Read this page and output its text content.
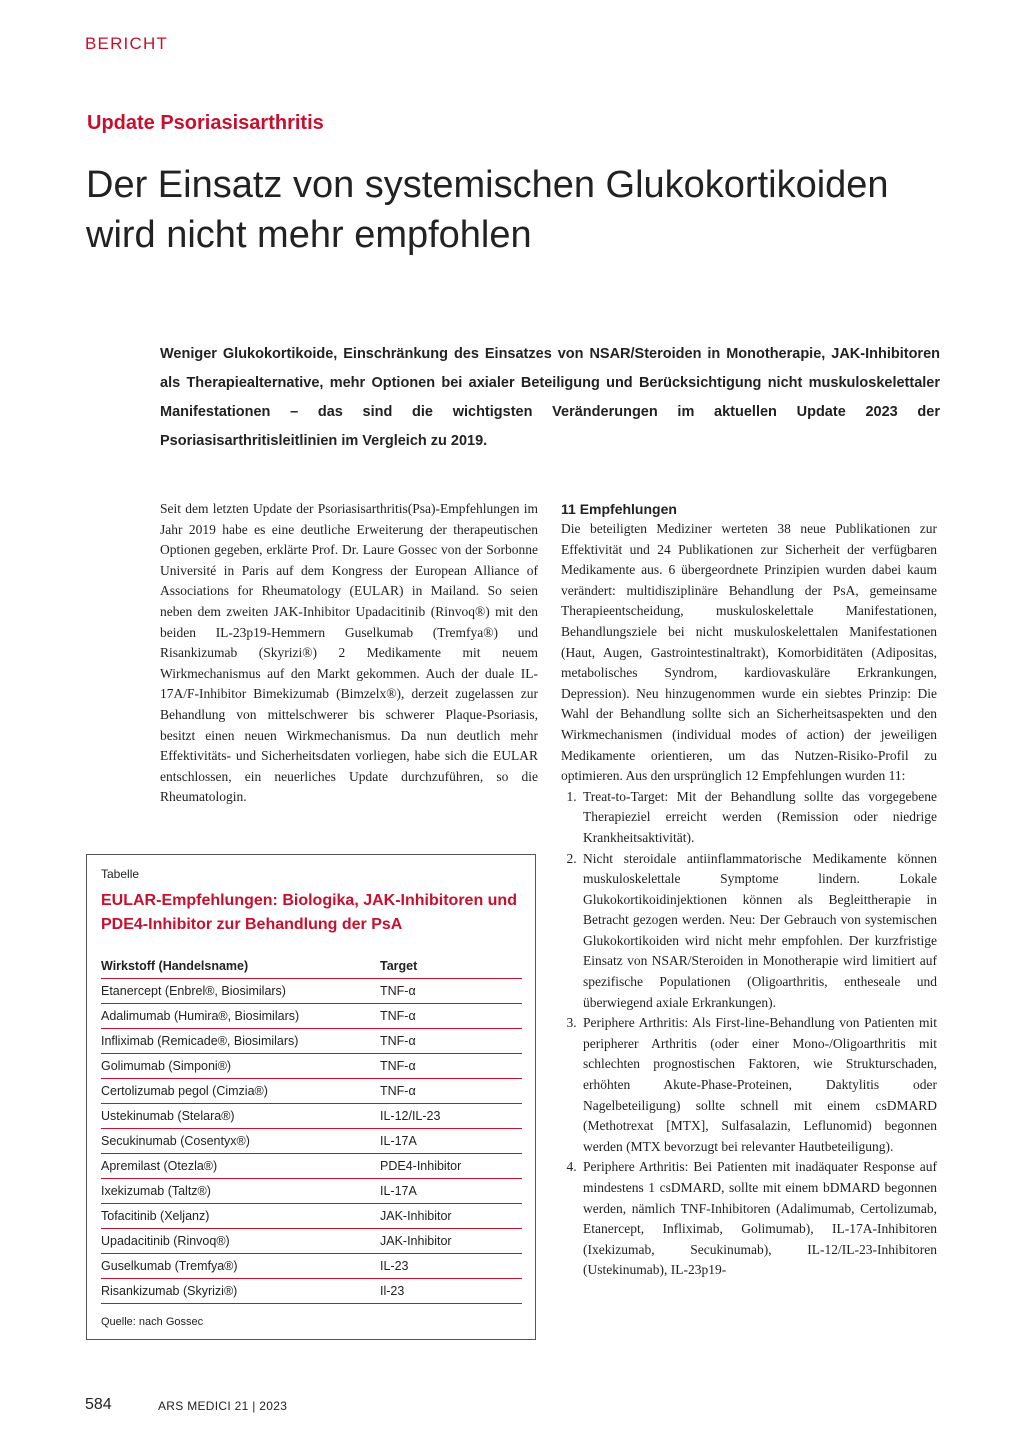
BERICHT
Update Psoriasisarthritis
Der Einsatz von systemischen Glukokortikoiden wird nicht mehr empfohlen

Weniger Glukokortikoide, Einschränkung des Einsatzes von NSAR/Steroiden in Monotherapie, JAK-Inhibitoren als Therapiealternative, mehr Optionen bei axialer Beteiligung und Berücksichtigung nicht muskuloskelettaler Manifestationen – das sind die wichtigsten Veränderungen im aktuellen Update 2023 der Psoriasisarthritisleitlinien im Vergleich zu 2019.

Seit dem letzten Update der Psoriasisarthritis(Psa)-Empfehlungen im Jahr 2019 habe es eine deutliche Erweiterung der therapeutischen Optionen gegeben, erklärte Prof. Dr. Laure Gossec von der Sorbonne Université in Paris auf dem Kongress der European Alliance of Associations for Rheumatology (EULAR) in Mailand. So seien neben dem zweiten JAK-Inhibitor Upadacitinib (Rinvoq®) mit den beiden IL-23p19-Hemmern Guselkumab (Tremfya®) und Risankizumab (Skyrizi®) 2 Medikamente mit neuem Wirkmechanismus auf den Markt gekommen. Auch der duale IL-17A/F-Inhibitor Bimekizumab (Bimzelx®), derzeit zugelassen zur Behandlung von mittelschwerer bis schwerer Plaque-Psoriasis, besitzt einen neuen Wirkmechanismus. Da nun deutlich mehr Effektivitäts- und Sicherheitsdaten vorliegen, habe sich die EULAR entschlossen, ein neuerliches Update durchzuführen, so die Rheumatologin.

11 Empfehlungen

Die beteiligten Mediziner werteten 38 neue Publikationen zur Effektivität und 24 Publikationen zur Sicherheit der verfügbaren Medikamente aus. 6 übergeordnete Prinzipien wurden dabei kaum verändert: multidisziplinäre Behandlung der PsA, gemeinsame Therapieentscheidung, muskuloskelettale Manifestationen, Behandlungsziele bei nicht muskuloskelettalen Manifestationen (Haut, Augen, Gastrointestinaltrakt), Komorbiditäten (Adipositas, metabolisches Syndrom, kardiovaskuläre Erkrankungen, Depression). Neu hinzugenommen wurde ein siebtes Prinzip: Die Wahl der Behandlung sollte sich an Sicherheitsaspekten und den Wirkmechanismen (individual modes of action) der jeweiligen Medikamente orientieren, um das Nutzen-Risiko-Profil zu optimieren. Aus den ursprünglich 12 Empfehlungen wurden 11:

1. Treat-to-Target: Mit der Behandlung sollte das vorgegebene Therapieziel erreicht werden (Remission oder niedrige Krankheitsaktivität).
2. Nicht steroidale antiinflammatorische Medikamente können muskuloskelettale Symptome lindern. Lokale Glukokortikoidinjektionen können als Begleittherapie in Betracht gezogen werden. Neu: Der Gebrauch von systemischen Glukokortikoiden wird nicht mehr empfohlen. Der kurzfristige Einsatz von NSAR/Steroiden in Monotherapie wird limitiert auf spezifische Populationen (Oligoarthritis, entheseale und überwiegend axiale Erkrankungen).
3. Periphere Arthritis: Als First-line-Behandlung von Patienten mit peripherer Arthritis (oder einer Mono-/Oligoarthritis mit schlechten prognostischen Faktoren, wie Strukturschaden, erhöhten Akute-Phase-Proteinen, Daktylitis oder Nagelbeteiligung) sollte schnell mit einem csDMARD (Methotrexat [MTX], Sulfasalazin, Leflunomid) begonnen werden (MTX bevorzugt bei relevanter Hautbeteiligung).
4. Periphere Arthritis: Bei Patienten mit inadäquater Response auf mindestens 1 csDMARD, sollte mit einem bDMARD begonnen werden, nämlich TNF-Inhibitoren (Adalimumab, Certolizumab, Etanercept, Infliximab, Golimumab), IL-17A-Inhibitoren (Ixekizumab, Secukinumab), IL-12/IL-23-Inhibitoren (Ustekinumab), IL-23p19-
Tabelle
EULAR-Empfehlungen: Biologika, JAK-Inhibitoren und PDE4-Inhibitor zur Behandlung der PsA
Wirkstoff (Handelsname)	Target
Etanercept (Enbrel®, Biosimilars)	TNF-α
Adalimumab (Humira®, Biosimilars)	TNF-α
Infliximab (Remicade®, Biosimilars)	TNF-α
Golimumab (Simponi®)	TNF-α
Certolizumab pegol (Cimzia®)	TNF-α
Ustekinumab (Stelara®)	IL-12/IL-23
Secukinumab (Cosentyx®)	IL-17A
Apremilast (Otezla®)	PDE4-Inhibitor
Ixekizumab (Taltz®)	IL-17A
Tofacitinib (Xeljanz)	JAK-Inhibitor
Upadacitinib (Rinvoq®)	JAK-Inhibitor
Guselkumab (Tremfya®)	IL-23
Risankizumab (Skyrizi®)	Il-23
Quelle: nach Gossec
584	ARS MEDICI 21 | 2023
